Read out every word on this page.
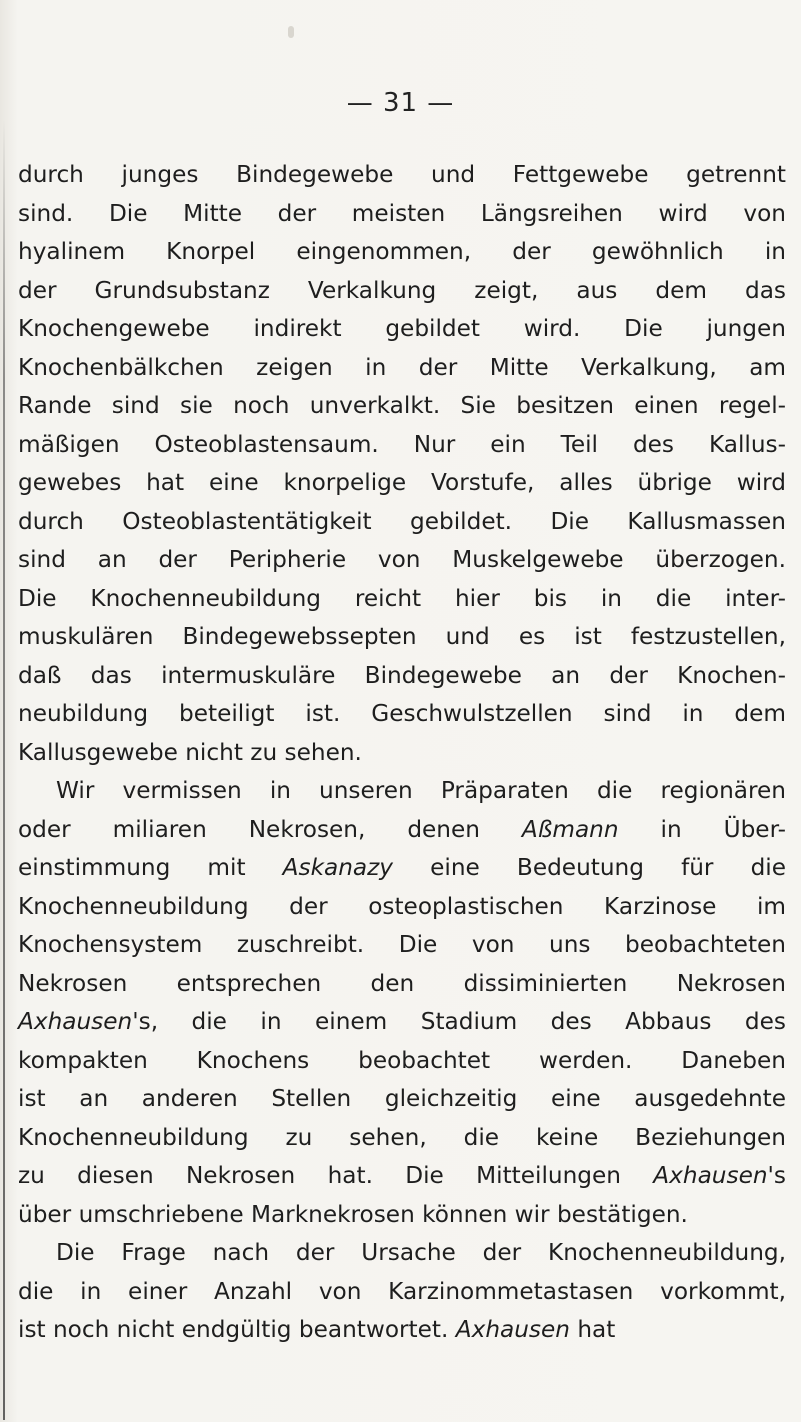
— 31 —
durch junges Bindegewebe und Fettgewebe getrennt
sind. Die Mitte der meisten Längsreihen wird von
hyalinem Knorpel eingenommen, der gewöhnlich in
der Grundsubstanz Verkalkung zeigt, aus dem das
Knochengewebe indirekt gebildet wird. Die jungen
Knochenbälkchen zeigen in der Mitte Verkalkung, am
Rande sind sie noch unverkalkt. Sie besitzen einen regel-
mäßigen Osteoblastensaum. Nur ein Teil des Kallus-
gewebes hat eine knorpelige Vorstufe, alles übrige wird
durch Osteoblastentätigkeit gebildet. Die Kallusmassen
sind an der Peripherie von Muskelgewebe überzogen.
Die Knochenneubildung reicht hier bis in die inter-
muskulären Bindegewebssepten und es ist festzustellen,
daß das intermuskuläre Bindegewebe an der Knochen-
neubildung beteiligt ist. Geschwulstzellen sind in dem
Kallusgewebe nicht zu sehen.
Wir vermissen in unseren Präparaten die regionären
oder miliaren Nekrosen, denen Aßmann in Über-
einstimmung mit Askanazy eine Bedeutung für die
Knochenneubildung der osteoplastischen Karzinose im
Knochensystem zuschreibt. Die von uns beobachteten
Nekrosen entsprechen den dissiminierten Nekrosen
Axhausen's, die in einem Stadium des Abbaus des
kompakten Knochens beobachtet werden. Daneben
ist an anderen Stellen gleichzeitig eine ausgedehnte
Knochenneubildung zu sehen, die keine Beziehungen
zu diesen Nekrosen hat. Die Mitteilungen Axhausen's
über umschriebene Marknekrosen können wir bestätigen.
Die Frage nach der Ursache der Knochenneubildung,
die in einer Anzahl von Karzinommetastasen vorkommt,
ist noch nicht endgültig beantwortet. Axhausen hat
